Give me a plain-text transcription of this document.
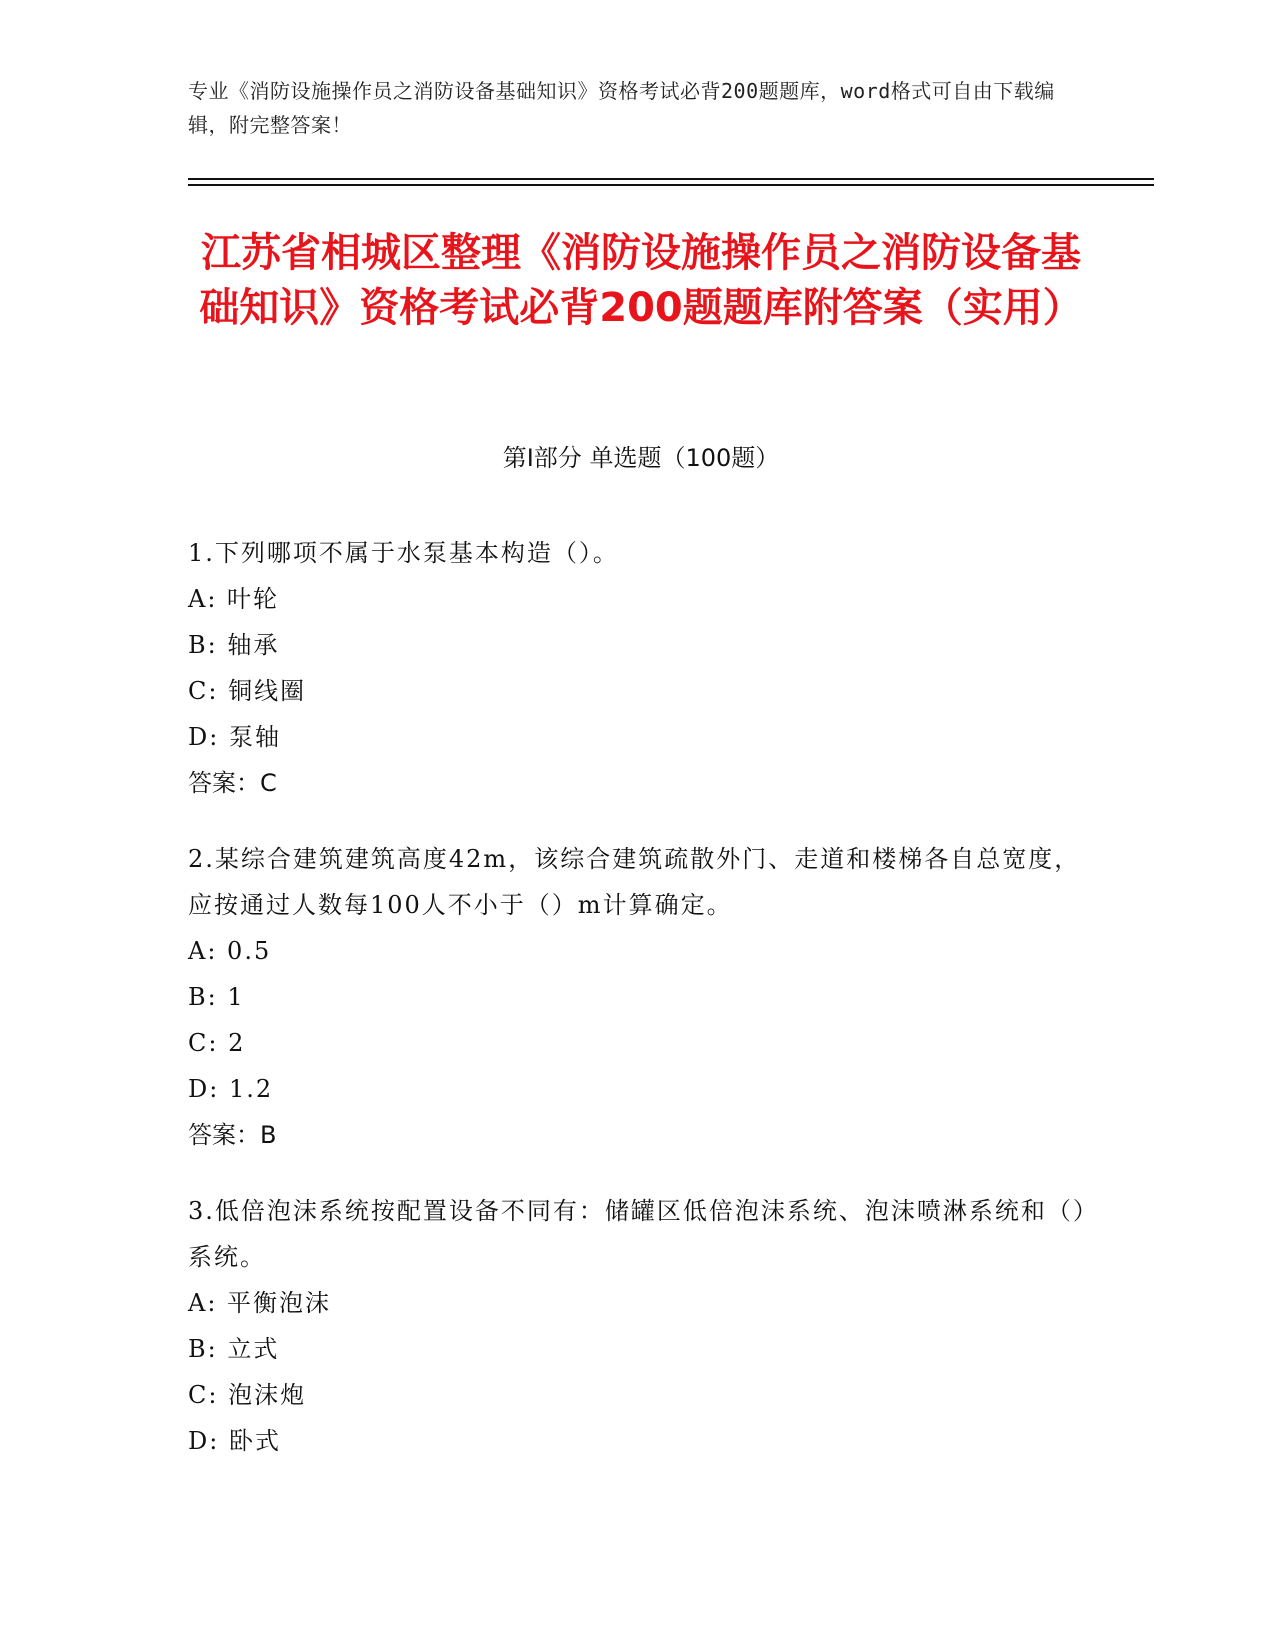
专业《消防设施操作员之消防设备基础知识》资格考试必背200题题库，word格式可自由下载编辑，附完整答案！
江苏省相城区整理《消防设施操作员之消防设备基础知识》资格考试必背200题题库附答案（实用）
第Ⅰ部分 单选题（100题）
1.下列哪项不属于水泵基本构造（）。
A: 叶轮
B: 轴承
C: 铜线圈
D: 泵轴
答案：C
2.某综合建筑建筑高度42m，该综合建筑疏散外门、走道和楼梯各自总宽度，应按通过人数每100人不小于（）m计算确定。
A: 0.5
B: 1
C: 2
D: 1.2
答案：B
3.低倍泡沫系统按配置设备不同有：储罐区低倍泡沫系统、泡沫喷淋系统和（）系统。
A: 平衡泡沫
B: 立式
C: 泡沫炮
D: 卧式
